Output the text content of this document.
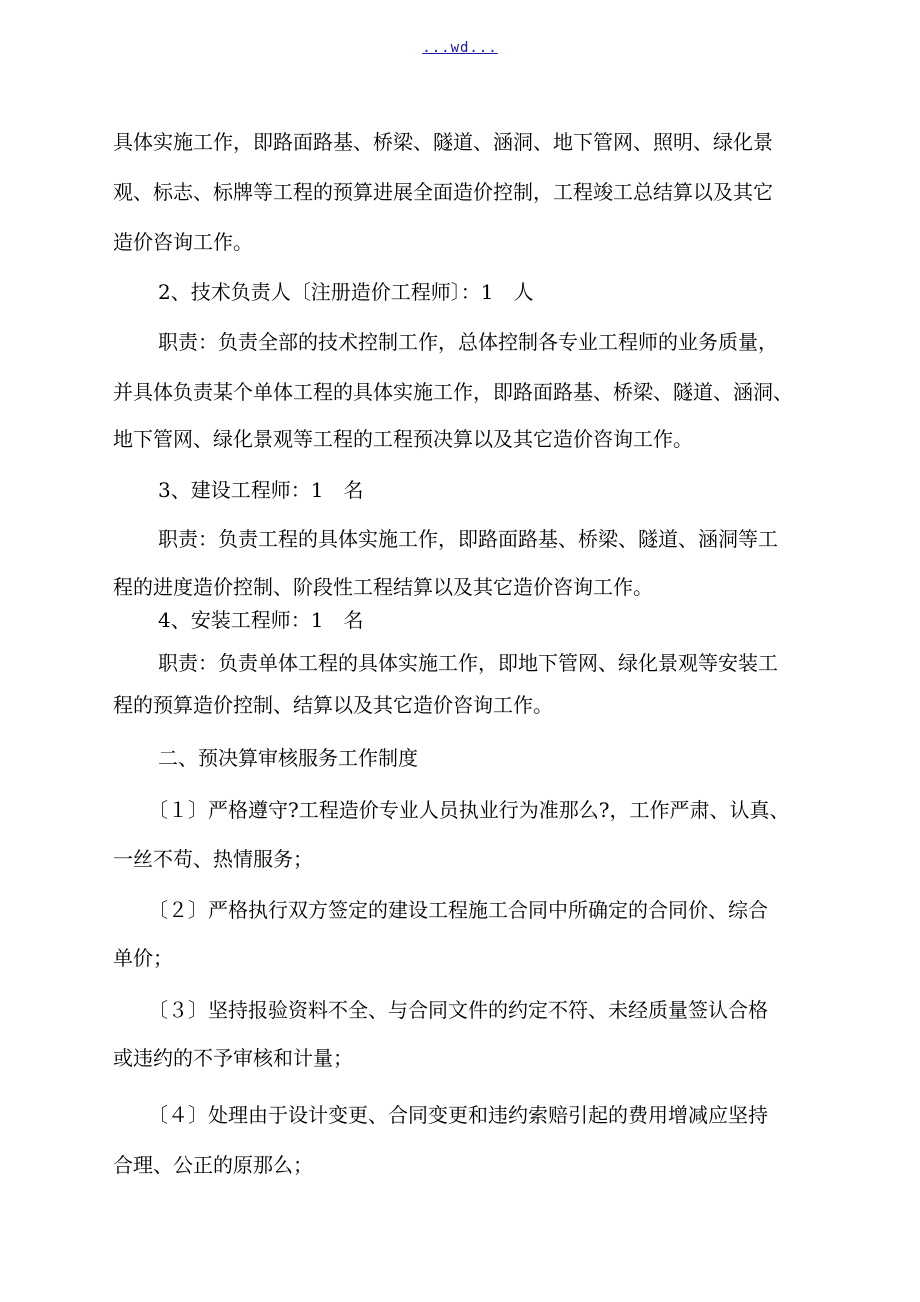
...wd...
具体实施工作，即路面路基、桥梁、隧道、涵洞、地下管网、照明、绿化景
观、标志、标牌等工程的预算进展全面造价控制，工程竣工总结算以及其它
造价咨询工作。
2、技术负责人〔注册造价工程师〕：1　人
职责：负责全部的技术控制工作，总体控制各专业工程师的业务质量，
并具体负责某个单体工程的具体实施工作，即路面路基、桥梁、隧道、涵洞、
地下管网、绿化景观等工程的工程预决算以及其它造价咨询工作。
3、建设工程师：1　名
职责：负责工程的具体实施工作，即路面路基、桥梁、隧道、涵洞等工
程的进度造价控制、阶段性工程结算以及其它造价咨询工作。
4、安装工程师：1　名
职责：负责单体工程的具体实施工作，即地下管网、绿化景观等安装工
程的预算造价控制、结算以及其它造价咨询工作。
二、预决算审核服务工作制度
〔１〕严格遵守?工程造价专业人员执业行为准那么?，工作严肃、认真、
一丝不苟、热情服务；
〔２〕严格执行双方签定的建设工程施工合同中所确定的合同价、综合
单价；
〔３〕坚持报验资料不全、与合同文件的约定不符、未经质量签认合格
或违约的不予审核和计量；
〔４〕处理由于设计变更、合同变更和违约索赔引起的费用增减应坚持
合理、公正的原那么；
